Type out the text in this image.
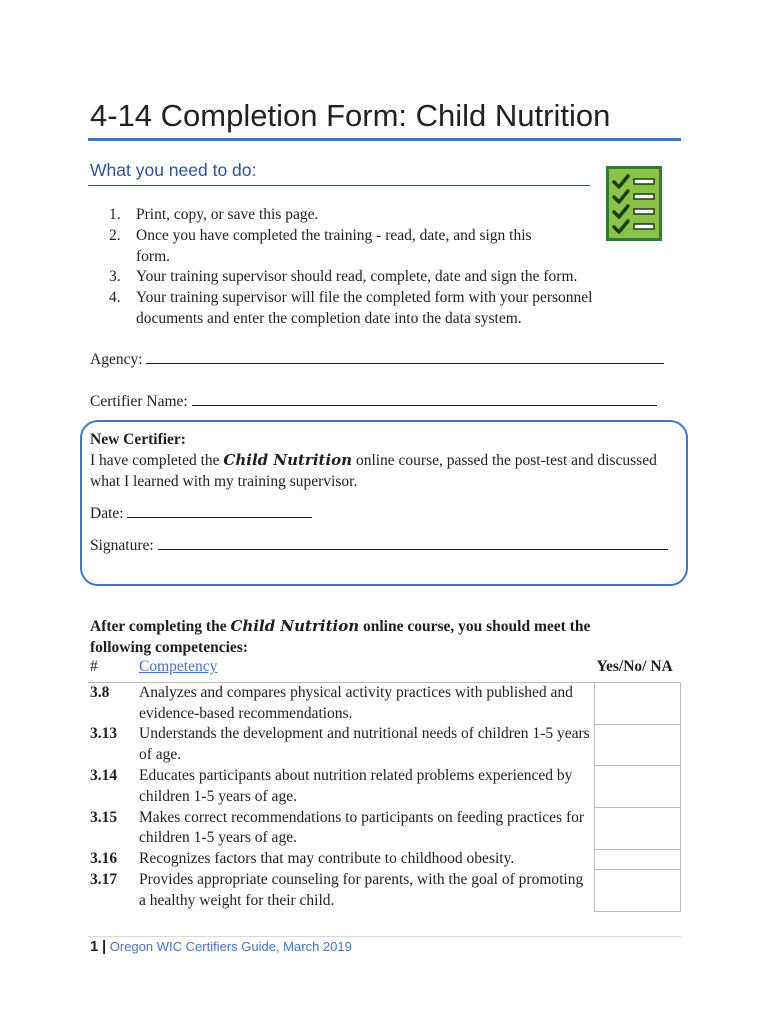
4-14 Completion Form: Child Nutrition
What you need to do:
1. Print, copy, or save this page.
2. Once you have completed the training - read, date, and sign this form.
3. Your training supervisor should read, complete, date and sign the form.
4. Your training supervisor will file the completed form with your personnel documents and enter the completion date into the data system.
Agency:
Certifier Name:
New Certifier:
I have completed the Child Nutrition online course, passed the post-test and discussed what I learned with my training supervisor.
Date:
Signature:
After completing the Child Nutrition online course, you should meet the following competencies:
#	Competency	Yes/No/ NA
3.8	Analyzes and compares physical activity practices with published and evidence-based recommendations.	
3.13	Understands the development and nutritional needs of children 1-5 years of age.	
3.14	Educates participants about nutrition related problems experienced by children 1-5 years of age.	
3.15	Makes correct recommendations to participants on feeding practices for children 1-5 years of age.	
3.16	Recognizes factors that may contribute to childhood obesity.	
3.17	Provides appropriate counseling for parents, with the goal of promoting a healthy weight for their child.	
1 | Oregon WIC Certifiers Guide, March 2019
